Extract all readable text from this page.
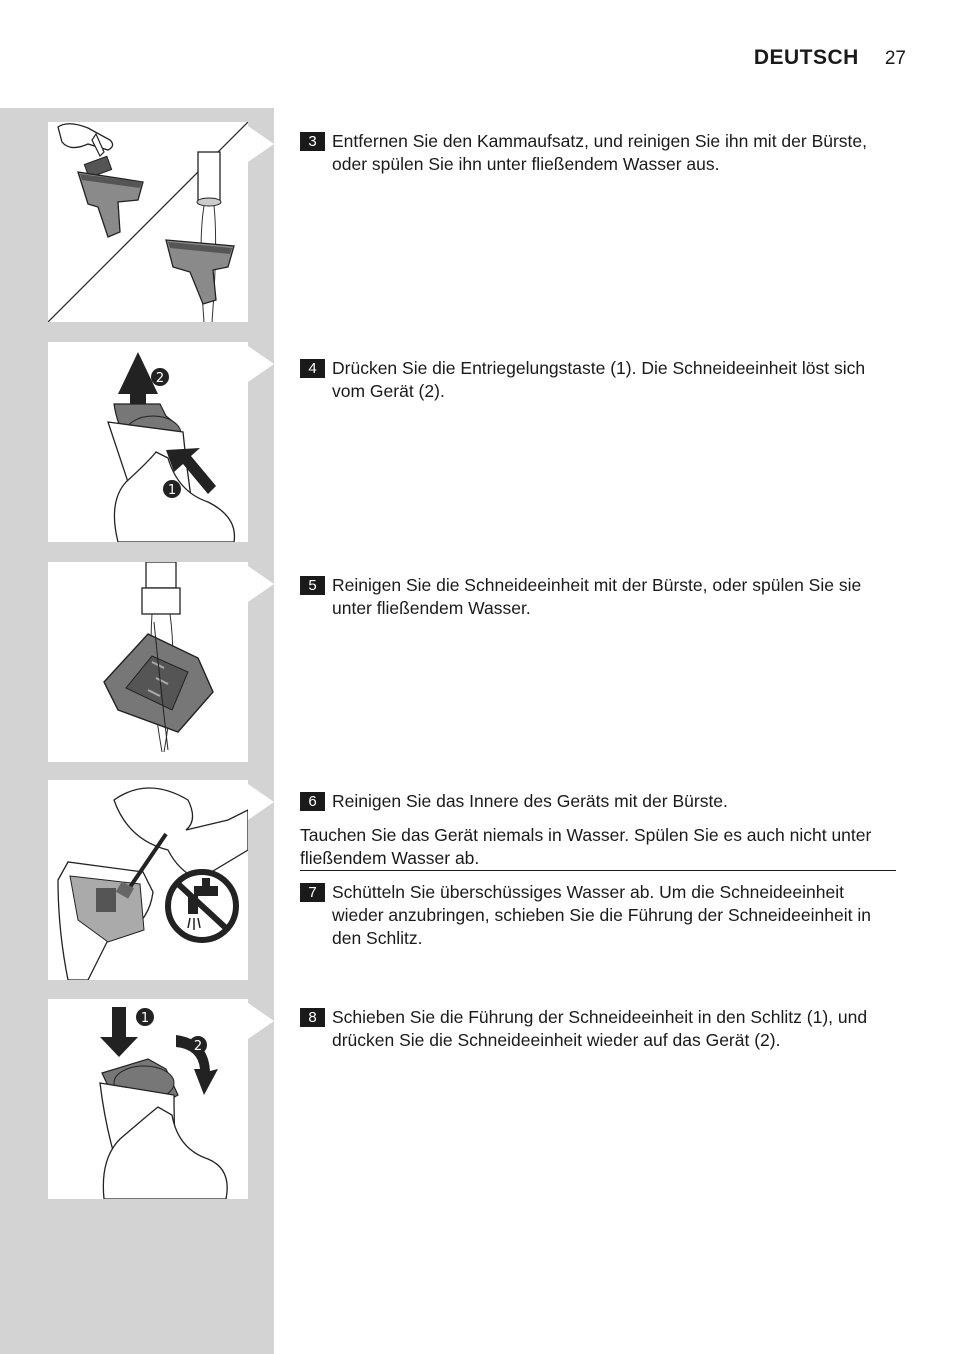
DEUTSCH 27
2
1
1
2
3 Entfernen Sie den Kammaufsatz, und reinigen Sie ihn mit der Bürste, oder spülen Sie ihn unter fließendem Wasser aus.
4 Drücken Sie die Entriegelungstaste (1). Die Schneideeinheit löst sich vom Gerät (2).
5 Reinigen Sie die Schneideeinheit mit der Bürste, oder spülen Sie sie unter fließendem Wasser.
6 Reinigen Sie das Innere des Geräts mit der Bürste.
Tauchen Sie das Gerät niemals in Wasser. Spülen Sie es auch nicht unter fließendem Wasser ab.
7 Schütteln Sie überschüssiges Wasser ab. Um die Schneideeinheit wieder anzubringen, schieben Sie die Führung der Schneideeinheit in den Schlitz.
8 Schieben Sie die Führung der Schneideeinheit in den Schlitz (1), und drücken Sie die Schneideeinheit wieder auf das Gerät (2).
